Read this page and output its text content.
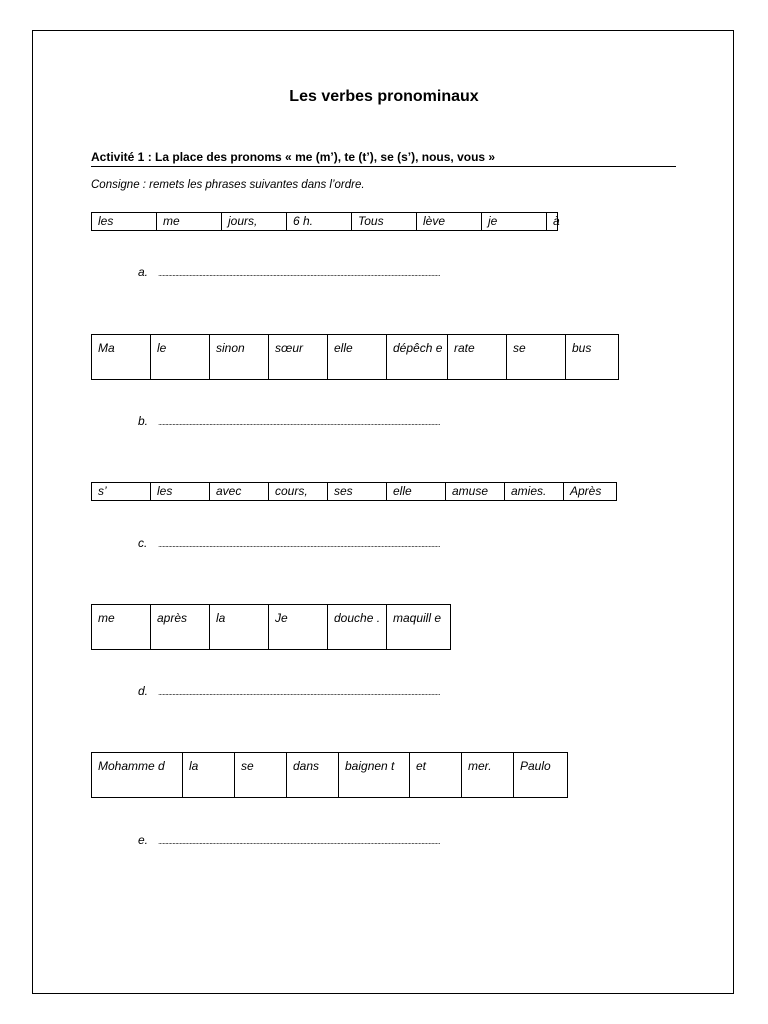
Les verbes pronominaux
Activité 1 : La place des pronoms « me (m’), te (t’), se (s’), nous, vous »
Consigne : remets les phrases suivantes dans l’ordre.
les	me	jours,	6 h.	Tous	lève	je	à
a. ......................................................................................................................................................................................................
Ma	le	sinon	sœur	elle	dépêch e	rate	se	bus
b. ......................................................................................................................................................................................................
s’	les	avec	cours,	ses	elle	amuse	amies.	Après
c. ......................................................................................................................................................................................................
me	après	la	Je	douche .	maquill e
d. ......................................................................................................................................................................................................
Mohamme d	la	se	dans	baignen t	et	mer.	Paulo
e. ......................................................................................................................................................................................................
